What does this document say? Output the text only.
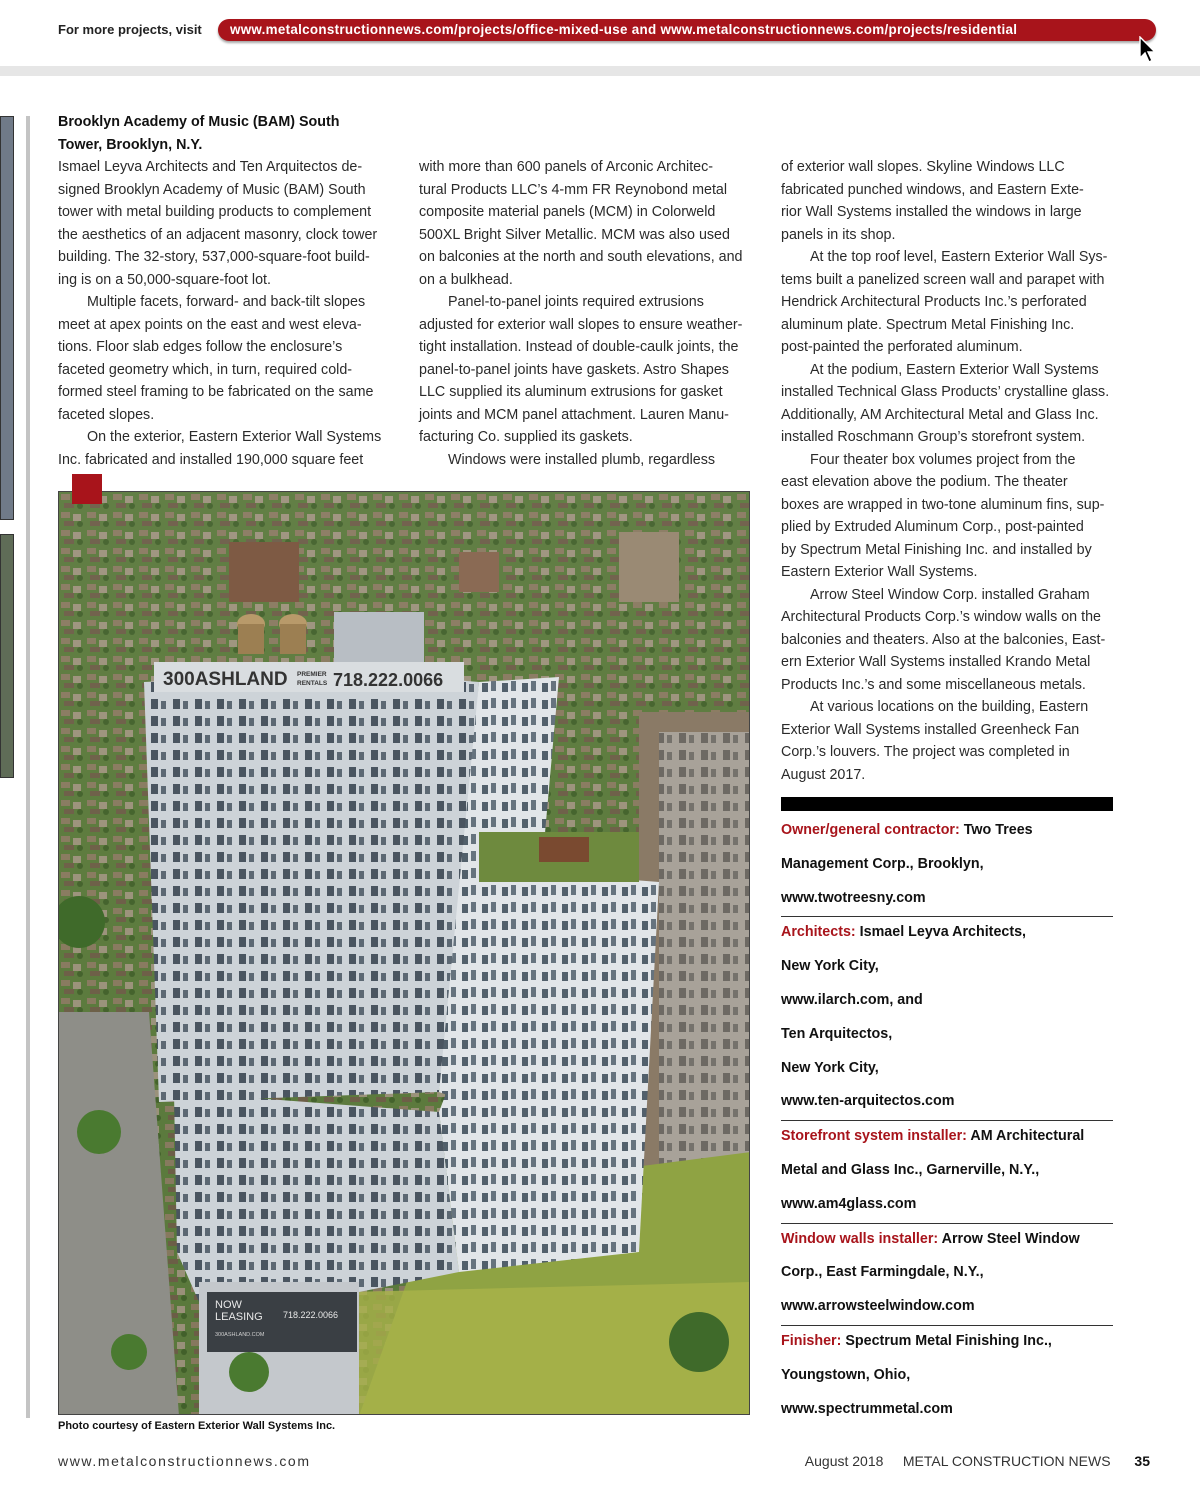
For more projects, visit	www.metalconstructionnews.com/projects/office-mixed-use and www.metalconstructionnews.com/projects/residential
Brooklyn Academy of Music (BAM) South
Tower, Brooklyn, N.Y.

Ismael Leyva Architects and Ten Arquitectos de-

signed Brooklyn Academy of Music (BAM) South

tower with metal building products to complement

the aesthetics of an adjacent masonry, clock tower

building. The 32-story, 537,000-square-foot build-

ing is on a 50,000-square-foot lot.

Multiple facets, forward- and back-tilt slopes

meet at apex points on the east and west eleva-

tions. Floor slab edges follow the enclosure’s

faceted geometry which, in turn, required cold-

formed steel framing to be fabricated on the same

faceted slopes.

On the exterior, Eastern Exterior Wall Systems

Inc. fabricated and installed 190,000 square feet

with more than 600 panels of Arconic Architec-

tural Products LLC’s 4-mm FR Reynobond metal

composite material panels (MCM) in Colorweld

500XL Bright Silver Metallic. MCM was also used

on balconies at the north and south elevations, and

on a bulkhead.

Panel-to-panel joints required extrusions

adjusted for exterior wall slopes to ensure weather-

tight installation. Instead of double-caulk joints, the

panel-to-panel joints have gaskets. Astro Shapes

LLC supplied its aluminum extrusions for gasket

joints and MCM panel attachment. Lauren Manu-

facturing Co. supplied its gaskets.

Windows were installed plumb, regardless

of exterior wall slopes. Skyline Windows LLC

fabricated punched windows, and Eastern Exte-

rior Wall Systems installed the windows in large

panels in its shop.

At the top roof level, Eastern Exterior Wall Sys-

tems built a panelized screen wall and parapet with

Hendrick Architectural Products Inc.’s perforated

aluminum plate. Spectrum Metal Finishing Inc.

post-painted the perforated aluminum.

At the podium, Eastern Exterior Wall Systems

installed Technical Glass Products’ crystalline glass.

Additionally, AM Architectural Metal and Glass Inc.

installed Roschmann Group’s storefront system.

Four theater box volumes project from the

east elevation above the podium. The theater

boxes are wrapped in two-tone aluminum fins, sup-

plied by Extruded Aluminum Corp., post-painted

by Spectrum Metal Finishing Inc. and installed by

Eastern Exterior Wall Systems.

Arrow Steel Window Corp. installed Graham

Architectural Products Corp.’s window walls on the

balconies and theaters. Also at the balconies, East-

ern Exterior Wall Systems installed Krando Metal

Products Inc.’s and some miscellaneous metals.

At various locations on the building, Eastern

Exterior Wall Systems installed Greenheck Fan

Corp.’s louvers. The project was completed in

August 2017.

300ASHLAND PREMIER
RENTALS 718.222.0066
NOW
LEASING 718.222.0066
300ASHLAND.COM
Photo courtesy of Eastern Exterior Wall Systems Inc.
Owner/general contractor: Two Trees
Management Corp., Brooklyn,
www.twotreesny.com
Architects: Ismael Leyva Architects,
New York City,
www.ilarch.com, and
Ten Arquitectos,
New York City,
www.ten-arquitectos.com
Storefront system installer: AM Architectural
Metal and Glass Inc., Garnerville, N.Y.,
www.am4glass.com
Window walls installer: Arrow Steel Window
Corp., East Farmingdale, N.Y.,
www.arrowsteelwindow.com
Finisher: Spectrum Metal Finishing Inc.,
Youngstown, Ohio,
www.spectrummetal.com
www.metalconstructionnews.com	August 2018 METAL CONSTRUCTION NEWS 35
